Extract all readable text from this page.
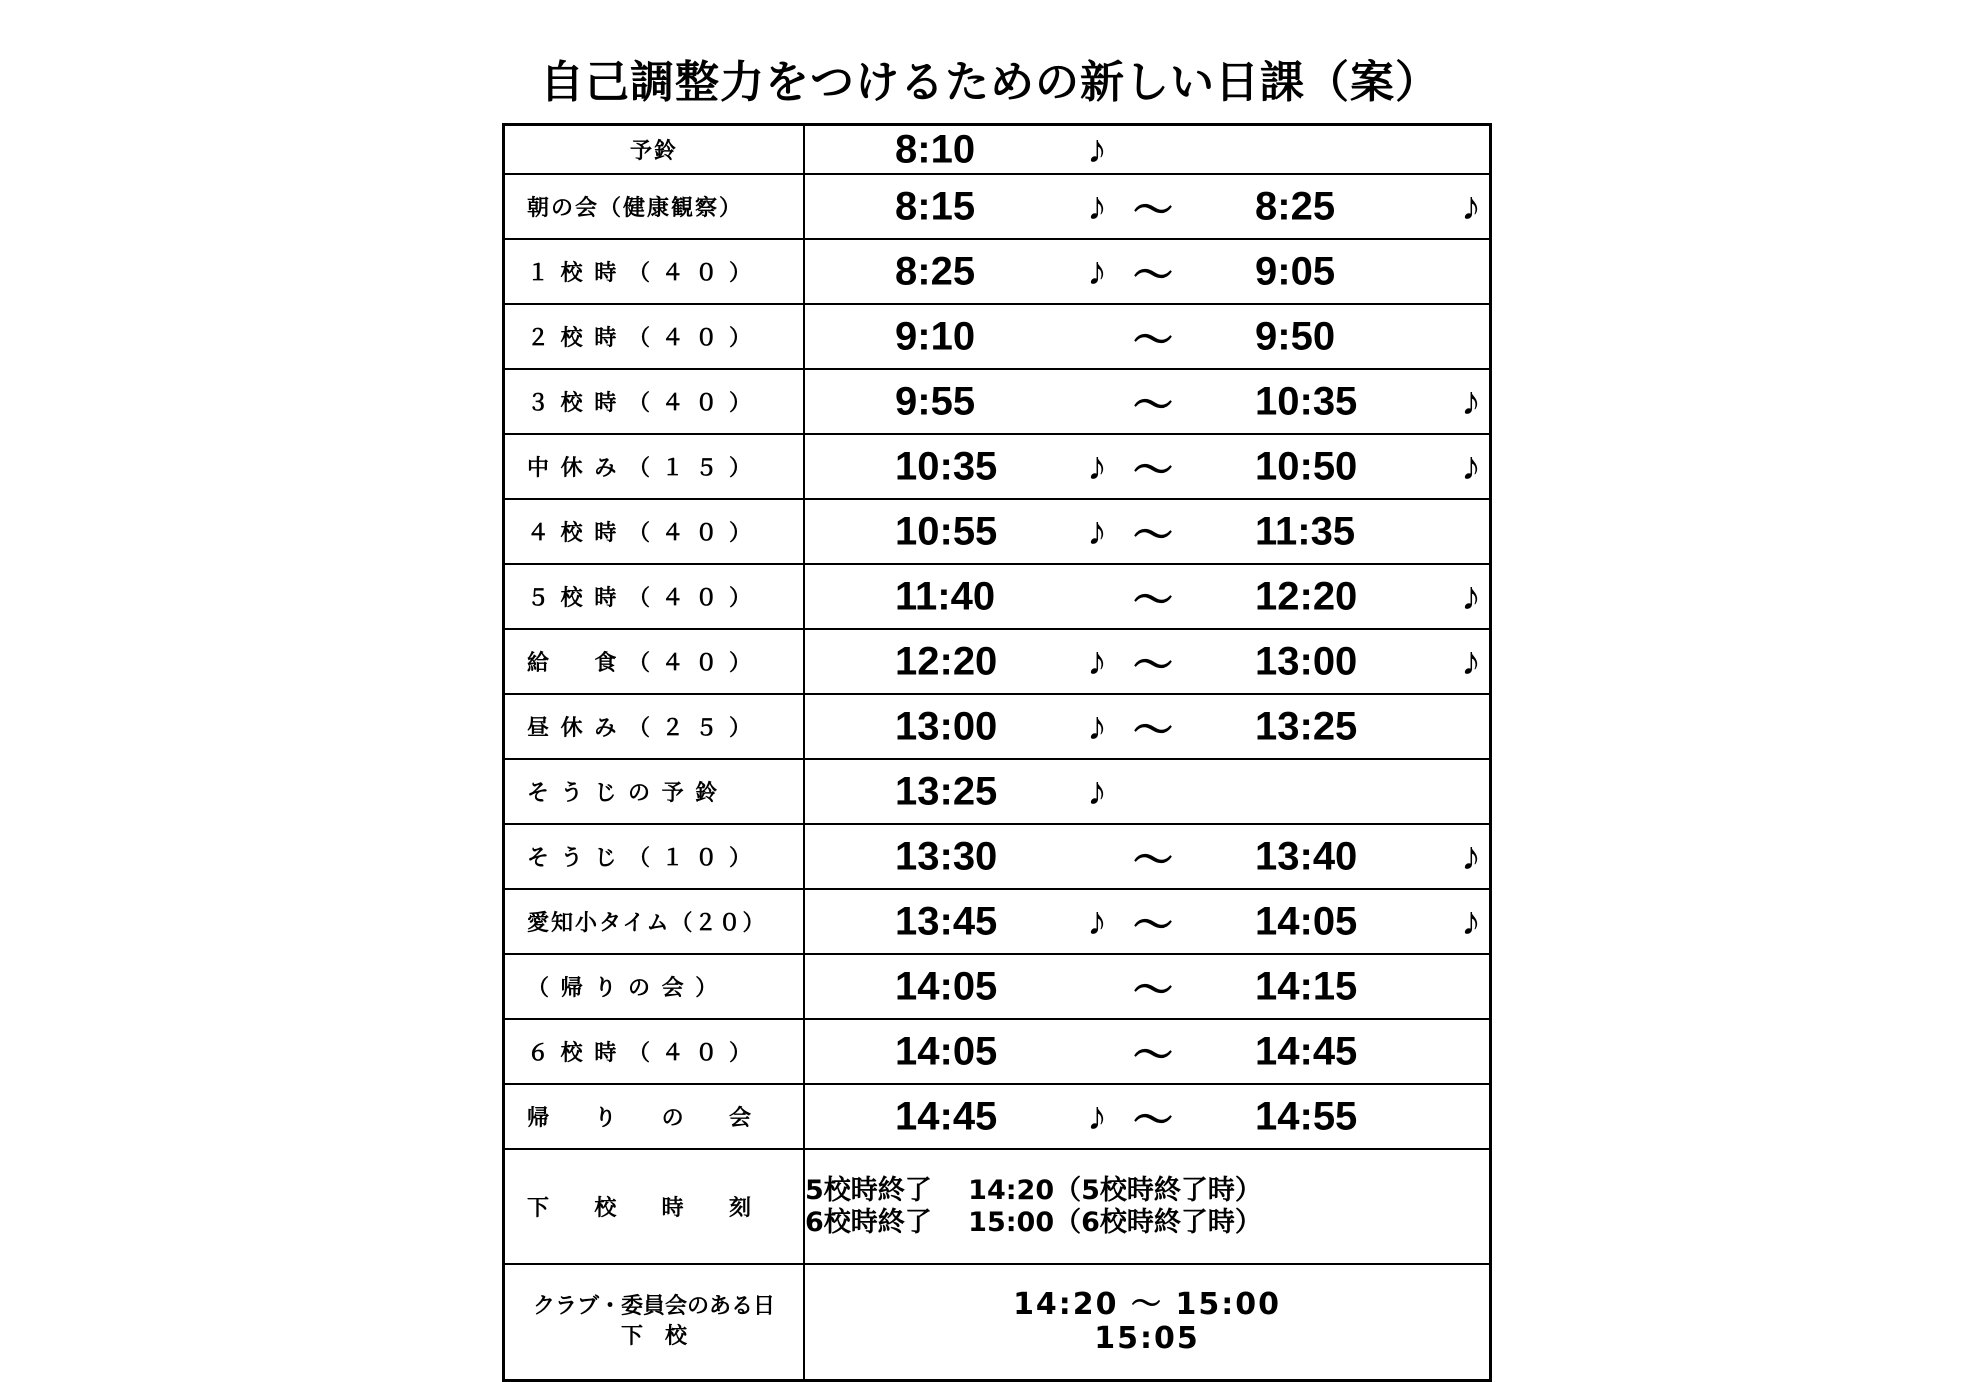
自己調整力をつけるための新しい日課（案）
予鈴	8:10 ♪

朝の会（健康観察）	8:15 ♪ ～ 8:25 ♪

１ 校 時 （ ４ ０ ）	8:25 ♪ ～ 9:05

２ 校 時 （ ４ ０ ）	9:10 ～ 9:50

３ 校 時 （ ４ ０ ）	9:55 ～ 10:35 ♪

中 休 み （ １ ５ ）	10:35 ♪ ～ 10:50 ♪

４ 校 時 （ ４ ０ ）	10:55 ♪ ～ 11:35

５ 校 時 （ ４ ０ ）	11:40 ～ 12:20 ♪

給 　 食 （ ４ ０ ）	12:20 ♪ ～ 13:00 ♪

昼 休 み （ ２ ５ ）	13:00 ♪ ～ 13:25

そ う じ の 予 鈴	13:25 ♪

そ う じ （ １ ０ ）	13:30 ～ 13:40 ♪

愛知小タイム（２０）	13:45 ♪ ～ 14:05 ♪

（ 帰 り の 会 ）	14:05 ～ 14:15

６ 校 時 （ ４ ０ ）	14:05 ～ 14:45

帰 　 り 　 の 　 会	14:45 ♪ ～ 14:55

下 　 校 　 時 　 刻	5校時終了　 14:20（5校時終了時）
6校時終了　 15:00（6校時終了時）

クラブ・委員会のある日
下　校	14:20 ～ 15:00
15:05
